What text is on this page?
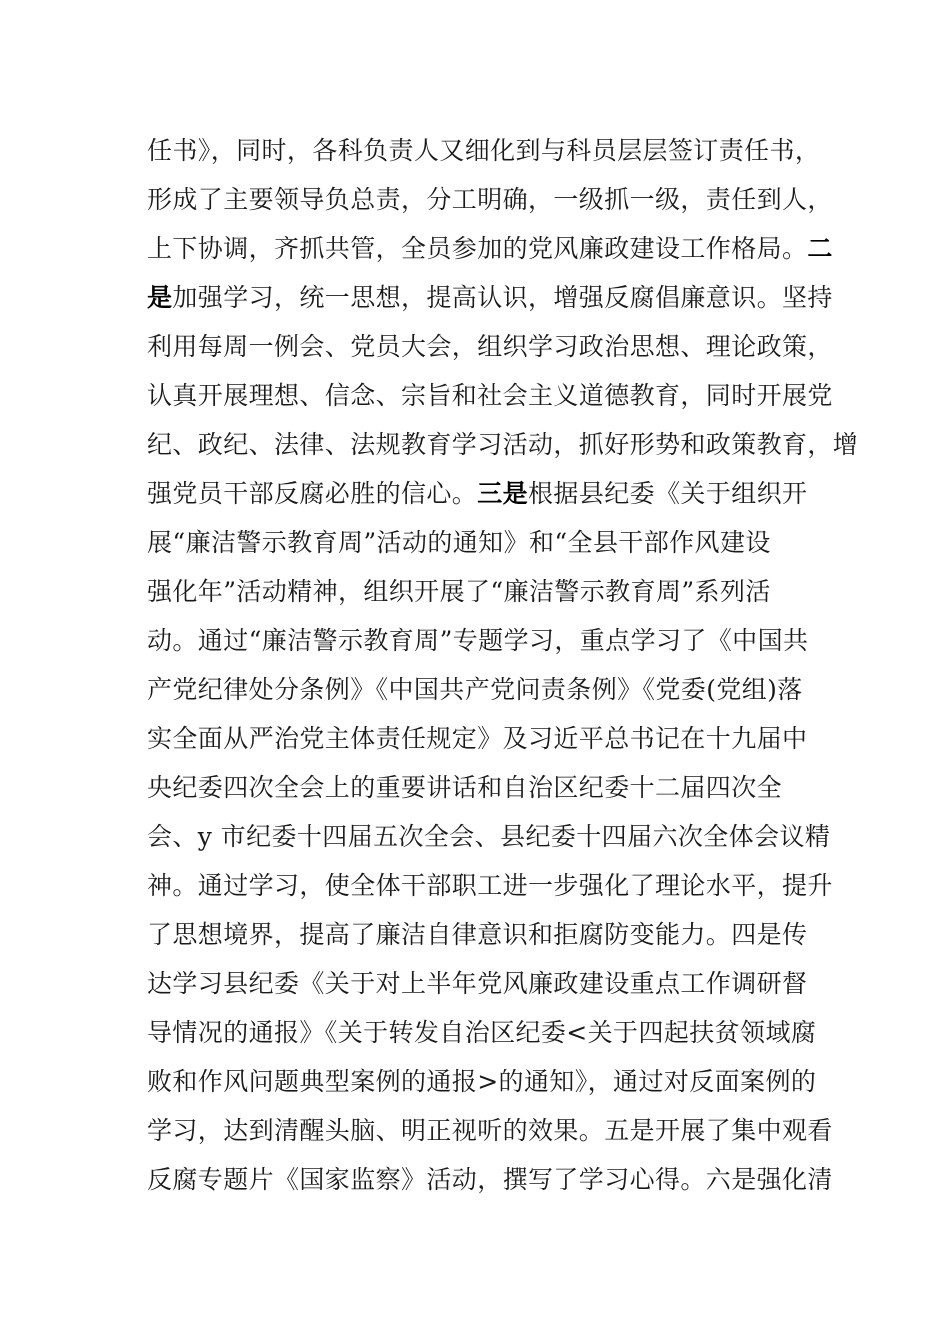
任书》，同时，各科负责人又细化到与科员层层签订责任书，
形成了主要领导负总责，分工明确，一级抓一级，责任到人，
上下协调，齐抓共管，全员参加的党风廉政建设工作格局。二
是加强学习，统一思想，提高认识，增强反腐倡廉意识。坚持
利用每周一例会、党员大会，组织学习政治思想、理论政策，
认真开展理想、信念、宗旨和社会主义道德教育，同时开展党
纪、政纪、法律、法规教育学习活动，抓好形势和政策教育，增
强党员干部反腐必胜的信心。三是根据县纪委《关于组织开
展“廉洁警示教育周”活动的通知》和“全县干部作风建设
强化年”活动精神，组织开展了“廉洁警示教育周”系列活
动。通过“廉洁警示教育周”专题学习，重点学习了《中国共
产党纪律处分条例》《中国共产党问责条例》《党委(党组)落
实全面从严治党主体责任规定》及习近平总书记在十九届中
央纪委四次全会上的重要讲话和自治区纪委十二届四次全
会、y 市纪委十四届五次全会、县纪委十四届六次全体会议精
神。通过学习，使全体干部职工进一步强化了理论水平，提升
了思想境界，提高了廉洁自律意识和拒腐防变能力。四是传
达学习县纪委《关于对上半年党风廉政建设重点工作调研督
导情况的通报》《关于转发自治区纪委<关于四起扶贫领域腐
败和作风问题典型案例的通报>的通知》，通过对反面案例的
学习，达到清醒头脑、明正视听的效果。五是开展了集中观看
反腐专题片《国家监察》活动，撰写了学习心得。六是强化清
